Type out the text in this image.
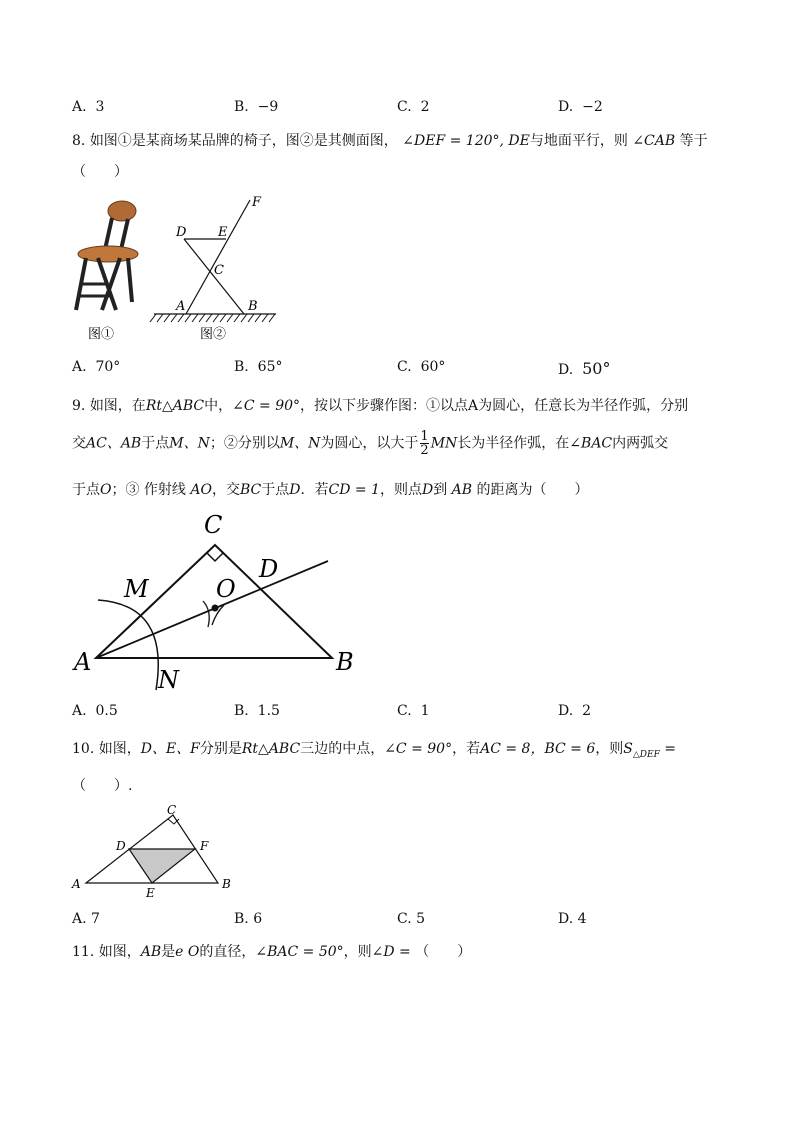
A. 3	B. −9	C. 2	D. −2
8. 如图①是某商场某品牌的椅子，图②是其侧面图， ∠DEF = 120°, DE与地面平行，则 ∠CAB 等于
（　　）
图①
D E
F
C
A	B
图②
A. 70°	B. 65°	C. 60°	D. 50°
9. 如图，在Rt△ABC中，∠C = 90°，按以下步骤作图：①以点A为圆心，任意长为半径作弧，分别
交AC、AB于点M、N；②分别以M、N为圆心，以大于 $\frac{1}{2}$ MN长为半径作弧，在∠BAC内两弧交
于点O；③ 作射线 AO，交BC于点D．若CD = 1，则点D到 AB 的距离为（　　）
C
M
D
O
A
N
B
A. 0.5	B. 1.5	C. 1	D. 2
10. 如图，D、E、F分别是Rt△ABC三边的中点，∠C = 90°，若AC = 8，BC = 6，则$S_{\triangle DEF}$ =
（　　）.
C
D	F
A
E
B
A. 7	B. 6	C. 5	D. 4
11. 如图，AB是e O的直径，∠BAC = 50°，则∠D = （　　）
